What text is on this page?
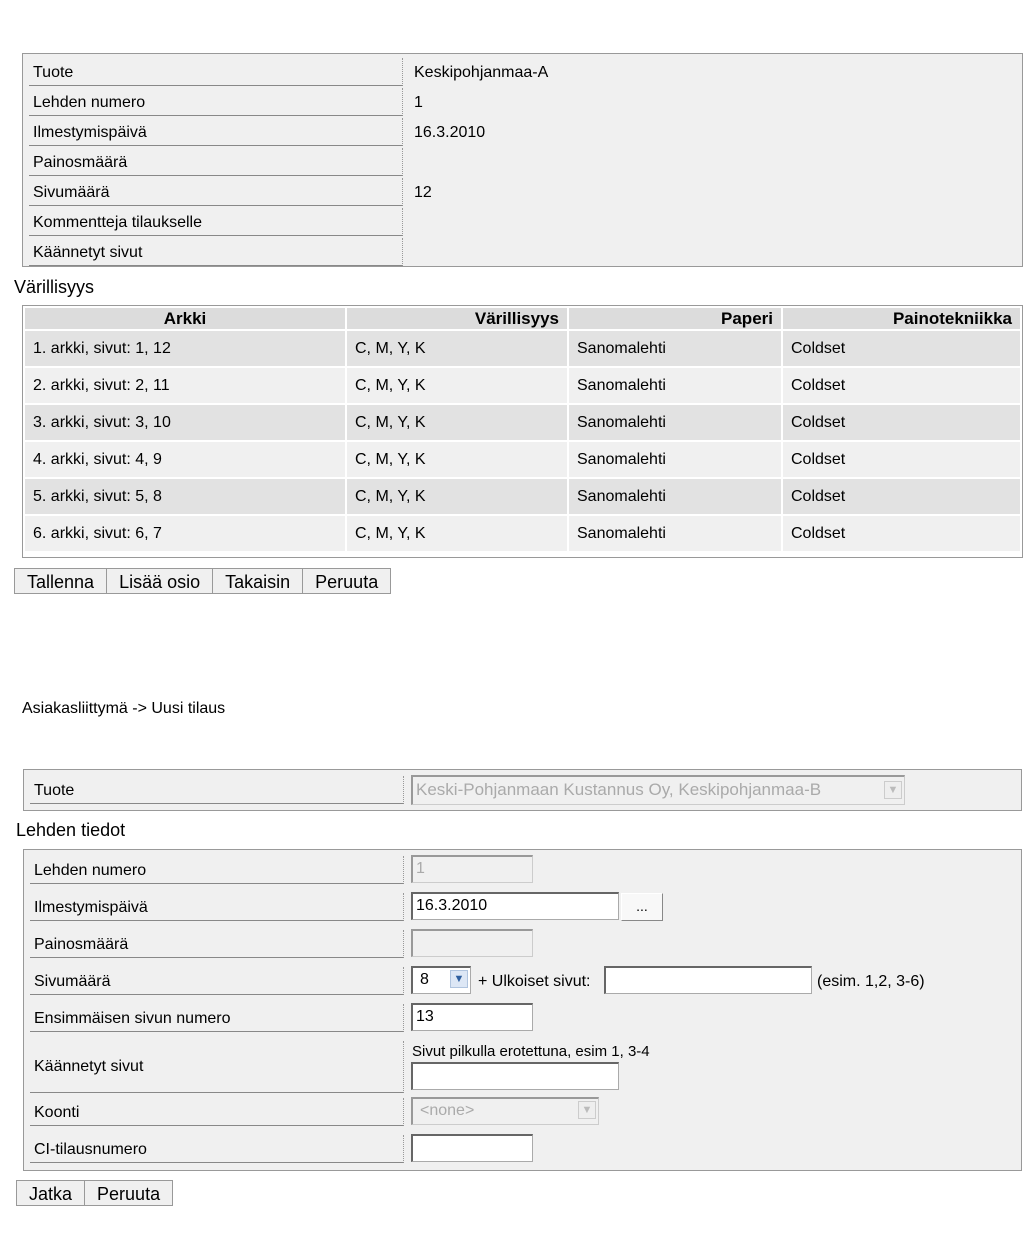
Tuote	Keskipohjanmaa-A
Lehden numero	1
Ilmestymispäivä	16.3.2010
Painosmäärä
Sivumäärä	12
Kommentteja tilaukselle
Käännetyt sivut
Värillisyys
Arkki	Värillisyys	Paperi	Painotekniikka
1. arkki, sivut: 1, 12	C, M, Y, K	Sanomalehti	Coldset
2. arkki, sivut: 2, 11	C, M, Y, K	Sanomalehti	Coldset
3. arkki, sivut: 3, 10	C, M, Y, K	Sanomalehti	Coldset
4. arkki, sivut: 4, 9	C, M, Y, K	Sanomalehti	Coldset
5. arkki, sivut: 5, 8	C, M, Y, K	Sanomalehti	Coldset
6. arkki, sivut: 6, 7	C, M, Y, K	Sanomalehti	Coldset
Tallenna	Lisää osio	Takaisin	Peruuta
Asiakasliittymä -> Uusi tilaus
Tuote	Keski-Pohjanmaan Kustannus Oy, Keskipohjanmaa-B	▼
Lehden tiedot
Lehden numero	1
Ilmestymispäivä	16.3.2010	...
Painosmäärä
Sivumäärä	8	▼ + Ulkoiset sivut:	(esim. 1,2, 3-6)
Ensimmäisen sivun numero	13
Käännetyt sivut
Sivut pilkulla erotettuna, esim 1, 3-4
Koonti	<none>	▼
CI-tilausnumero
Jatka	Peruuta
